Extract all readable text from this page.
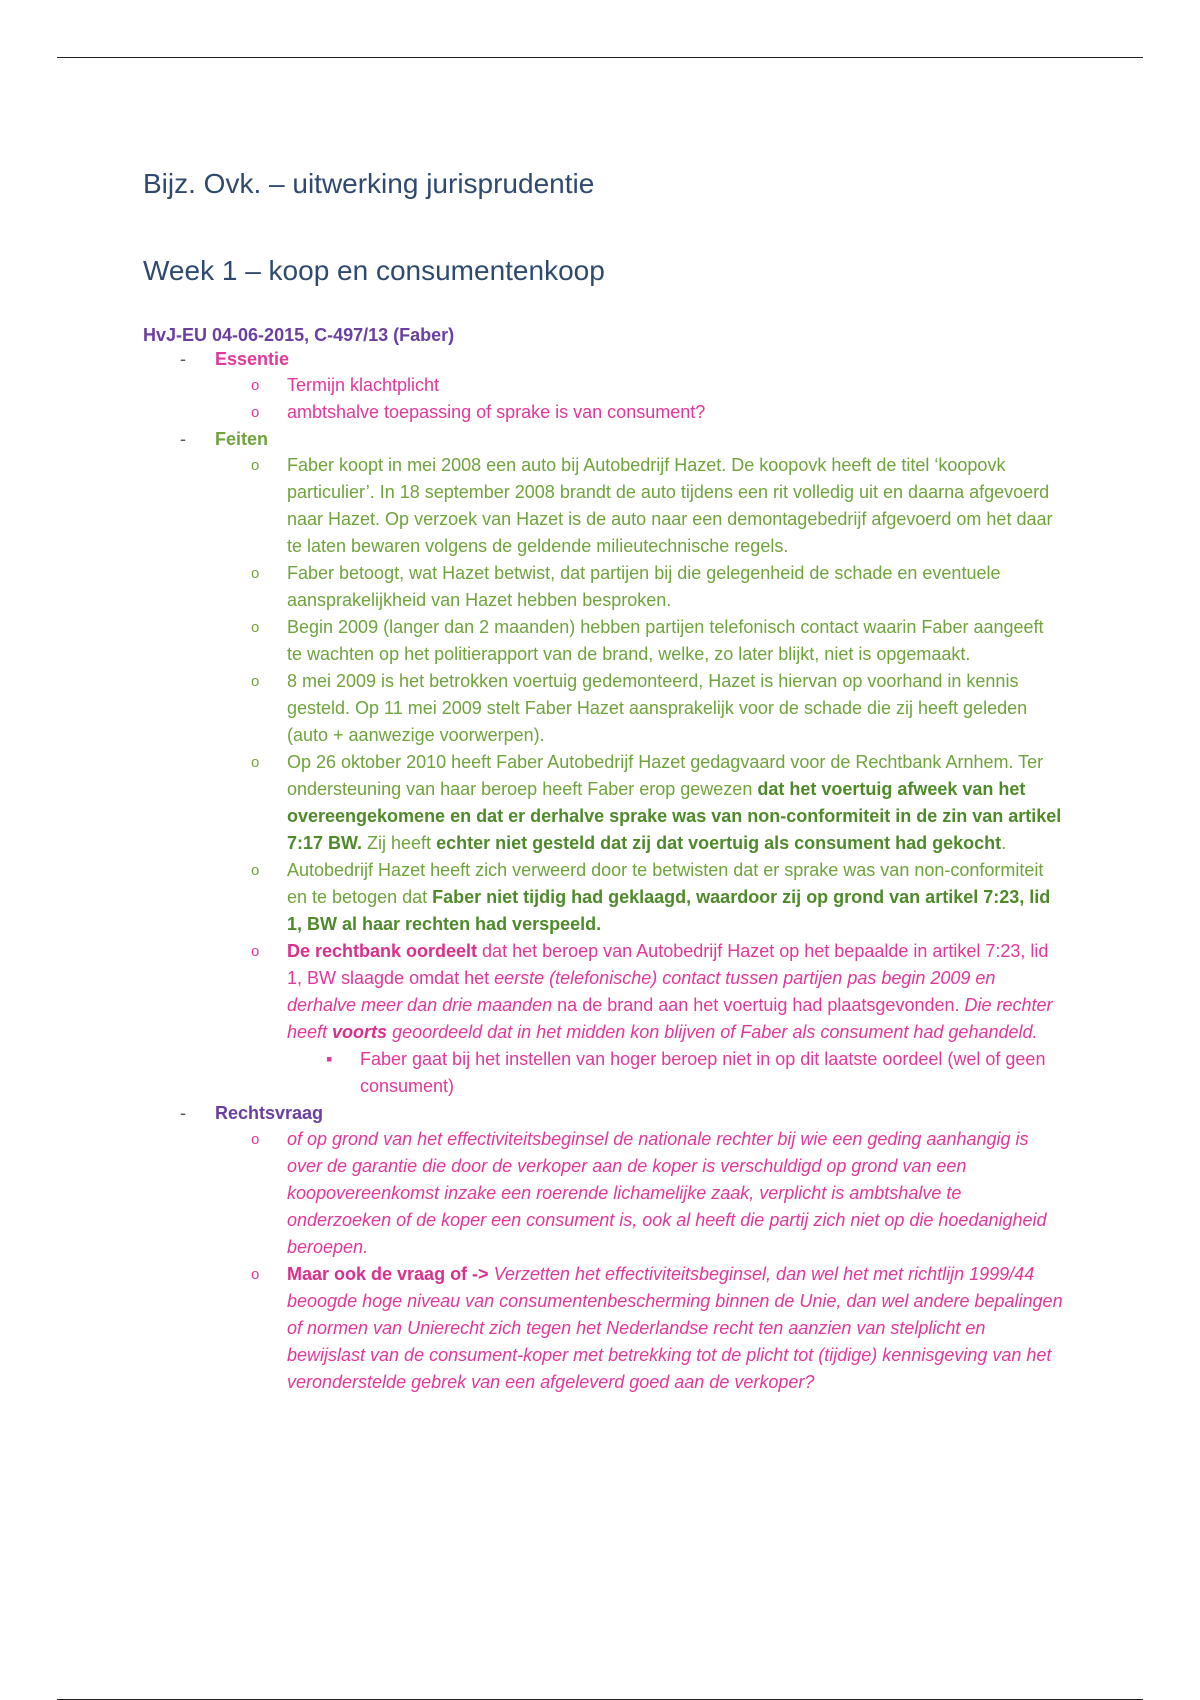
Bijz. Ovk. – uitwerking jurisprudentie
Week 1 – koop en consumentenkoop
HvJ-EU 04-06-2015, C-497/13 (Faber)
- Essentie
o Termijn klachtplicht
o ambtshalve toepassing of sprake is van consument?
- Feiten
o Faber koopt in mei 2008 een auto bij Autobedrijf Hazet. De koopovk heeft de titel ‘koopovk particulier’. In 18 september 2008 brandt de auto tijdens een rit volledig uit en daarna afgevoerd naar Hazet. Op verzoek van Hazet is de auto naar een demontagebedrijf afgevoerd om het daar te laten bewaren volgens de geldende milieutechnische regels.
o Faber betoogt, wat Hazet betwist, dat partijen bij die gelegenheid de schade en eventuele aansprakelijkheid van Hazet hebben besproken.
o Begin 2009 (langer dan 2 maanden) hebben partijen telefonisch contact waarin Faber aangeeft te wachten op het politierapport van de brand, welke, zo later blijkt, niet is opgemaakt.
o 8 mei 2009 is het betrokken voertuig gedemonteerd, Hazet is hiervan op voorhand in kennis gesteld. Op 11 mei 2009 stelt Faber Hazet aansprakelijk voor de schade die zij heeft geleden (auto + aanwezige voorwerpen).
o Op 26 oktober 2010 heeft Faber Autobedrijf Hazet gedagvaard voor de Rechtbank Arnhem. Ter ondersteuning van haar beroep heeft Faber erop gewezen dat het voertuig afweek van het overeengekomene en dat er derhalve sprake was van non-conformiteit in de zin van artikel 7:17 BW. Zij heeft echter niet gesteld dat zij dat voertuig als consument had gekocht.
o Autobedrijf Hazet heeft zich verweerd door te betwisten dat er sprake was van non-conformiteit en te betogen dat Faber niet tijdig had geklaagd, waardoor zij op grond van artikel 7:23, lid 1, BW al haar rechten had verspeeld.
o De rechtbank oordeelt dat het beroep van Autobedrijf Hazet op het bepaalde in artikel 7:23, lid 1, BW slaagde omdat het eerste (telefonische) contact tussen partijen pas begin 2009 en derhalve meer dan drie maanden na de brand aan het voertuig had plaatsgevonden. Die rechter heeft voorts geoordeeld dat in het midden kon blijven of Faber als consument had gehandeld.
▪ Faber gaat bij het instellen van hoger beroep niet in op dit laatste oordeel (wel of geen consument)
- Rechtsvraag
o of op grond van het effectiviteitsbeginsel de nationale rechter bij wie een geding aanhangig is over de garantie die door de verkoper aan de koper is verschuldigd op grond van een koopovereenkomst inzake een roerende lichamelijke zaak, verplicht is ambtshalve te onderzoeken of de koper een consument is, ook al heeft die partij zich niet op die hoedanigheid beroepen.
o Maar ook de vraag of -> Verzetten het effectiviteitsbeginsel, dan wel het met richtlijn 1999/44 beoogde hoge niveau van consumentenbescherming binnen de Unie, dan wel andere bepalingen of normen van Unierecht zich tegen het Nederlandse recht ten aanzien van stelplicht en bewijslast van de consument-koper met betrekking tot de plicht tot (tijdige) kennisgeving van het veronderstelde gebrek van een afgeleverd goed aan de verkoper?
